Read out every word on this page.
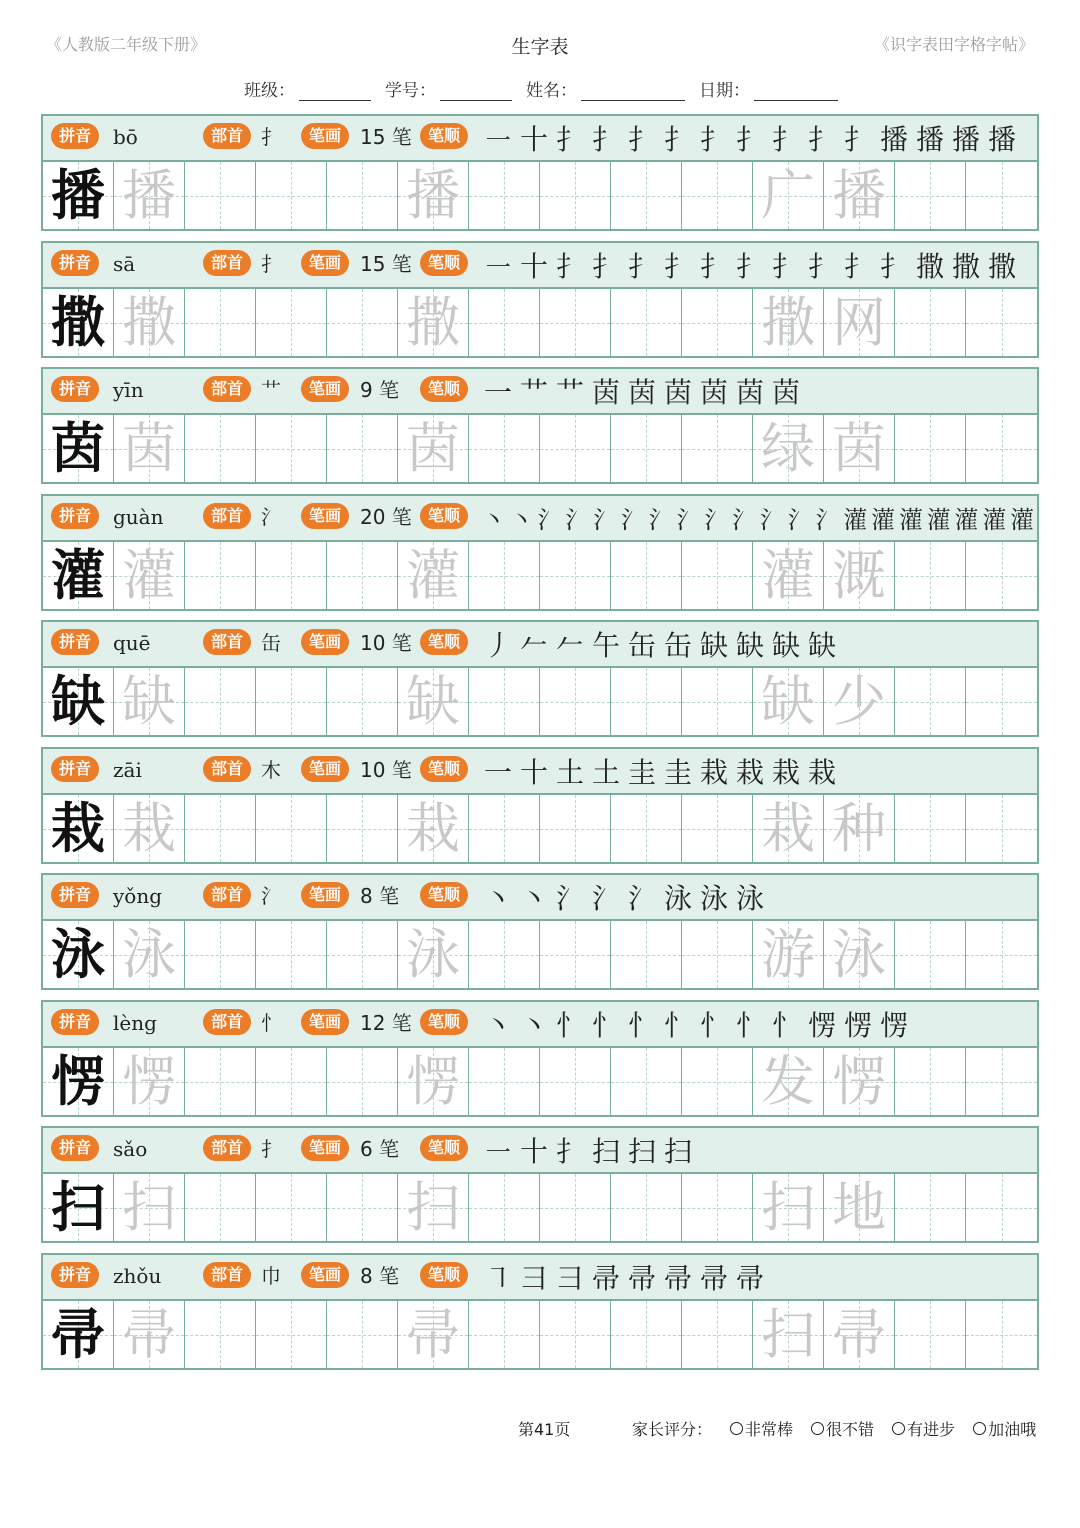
《人教版二年级下册》	生字表	《识字表田字格字帖》
班级：	学号：	姓名：	日期：
拼音	bō	部首 扌	笔画 15 笔	笔顺 ㇐ 十 扌 扌 扌 扌 扌 扌 扌 扌 扌 播 播 播 播
播 播	播	广 播
拼音	sā	部首 扌	笔画 15 笔	笔顺 ㇐ 十 扌 扌 扌 扌 扌 扌 扌 扌 扌 扌 撒 撒 撒
撒 撒	撒	撒 网
拼音	yīn	部首 艹	笔画 9 笔	笔顺 一 艹 艹 茵 茵 茵 茵 茵 茵
茵 茵	茵	绿 茵
拼音	guàn	部首 氵	笔画 20 笔	笔顺 丶 丶 氵 氵 氵 氵 氵 氵 氵 氵 氵 氵 氵 灌 灌 灌 灌 灌 灌 灌
灌 灌	灌	灌 溉
拼音	quē	部首 缶	笔画 10 笔	笔顺 丿 𠂉 𠂉 午 缶 缶 缺 缺 缺 缺
缺 缺	缺	缺 少
拼音	zāi	部首 木	笔画 10 笔	笔顺 一 十 土 土 圭 圭 栽 栽 栽 栽
栽 栽	栽	栽 种
拼音	yǒng	部首 氵	笔画 8 笔	笔顺 丶 丶 氵 氵 氵 泳 泳 泳
泳 泳	泳	游 泳
拼音	lèng	部首 忄	笔画 12 笔	笔顺 丶 丶 忄 忄 忄 忄 忄 忄 忄 愣 愣 愣
愣 愣	愣	发 愣
拼音	sǎo	部首 扌	笔画 6 笔	笔顺 ㇐ 十 扌 扫 扫 扫
扫 扫	扫	扫 地
拼音	zhǒu	部首 巾	笔画 8 笔	笔顺 ㇕ 彐 彐 帚 帚 帚 帚 帚
帚 帚	帚	扫 帚
第41页	家长评分： 非常棒 很不错 有进步 加油哦
